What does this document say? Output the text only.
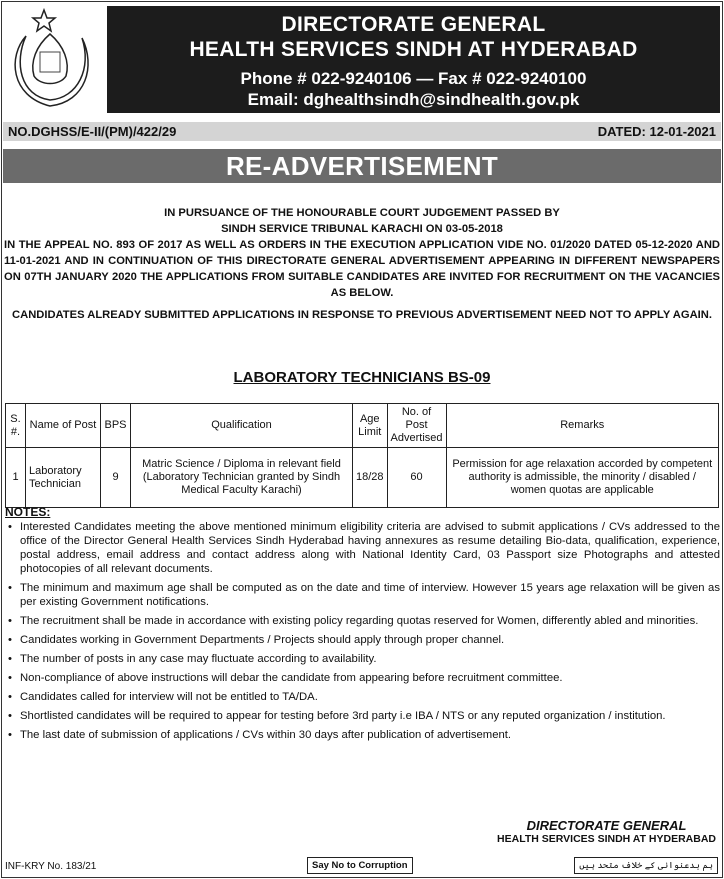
DIRECTORATE GENERAL
HEALTH SERVICES SINDH AT HYDERABAD
Phone # 022-9240106 — Fax # 022-9240100
Email: dghealthsindh@sindhealth.gov.pk
NO.DGHSS/E-II/(PM)/422/29	DATED: 12-01-2021
RE-ADVERTISEMENT
IN PURSUANCE OF THE HONOURABLE COURT JUDGEMENT PASSED BY
SINDH SERVICE TRIBUNAL KARACHI ON 03-05-2018
IN THE APPEAL NO. 893 OF 2017 AS WELL AS ORDERS IN THE EXECUTION APPLICATION VIDE NO. 01/2020 DATED 05-12-2020 AND 11-01-2021 AND IN CONTINUATION OF THIS DIRECTORATE GENERAL ADVERTISEMENT APPEARING IN DIFFERENT NEWSPAPERS ON 07TH JANUARY 2020 THE APPLICATIONS FROM SUITABLE CANDIDATES ARE INVITED FOR RECRUITMENT ON THE VACANCIES AS BELOW.
CANDIDATES ALREADY SUBMITTED APPLICATIONS IN RESPONSE TO PREVIOUS ADVERTISEMENT NEED NOT TO APPLY AGAIN.
LABORATORY TECHNICIANS BS-09
S. #.	Name of Post	BPS	Qualification	Age Limit	No. of Post Advertised	Remarks
1	Laboratory Technician	9	Matric Science / Diploma in relevant field (Laboratory Technician granted by Sindh Medical Faculty Karachi)	18/28	60	Permission for age relaxation accorded by competent authority is admissible, the minority / disabled / women quotas are applicable
NOTES:
• Interested Candidates meeting the above mentioned minimum eligibility criteria are advised to submit applications / CVs addressed to the office of the Director General Health Services Sindh Hyderabad having annexures as resume detailing Bio-data, qualification, experience, postal address, email address and contact address along with National Identity Card, 03 Passport size Photographs and attested photocopies of all relevant documents.
• The minimum and maximum age shall be computed as on the date and time of interview. However 15 years age relaxation will be given as per existing Government notifications.
• The recruitment shall be made in accordance with existing policy regarding quotas reserved for Women, differently abled and minorities.
• Candidates working in Government Departments / Projects should apply through proper channel.
• The number of posts in any case may fluctuate according to availability.
• Non-compliance of above instructions will debar the candidate from appearing before recruitment committee.
• Candidates called for interview will not be entitled to TA/DA.
• Shortlisted candidates will be required to appear for testing before 3rd party i.e IBA / NTS or any reputed organization / institution.
• The last date of submission of applications / CVs within 30 days after publication of advertisement.
DIRECTORATE GENERAL
HEALTH SERVICES SINDH AT HYDERABAD
INF-KRY No. 183/21	Say No to Corruption	ہم بدعنوانی کے خلاف متحد ہیں
